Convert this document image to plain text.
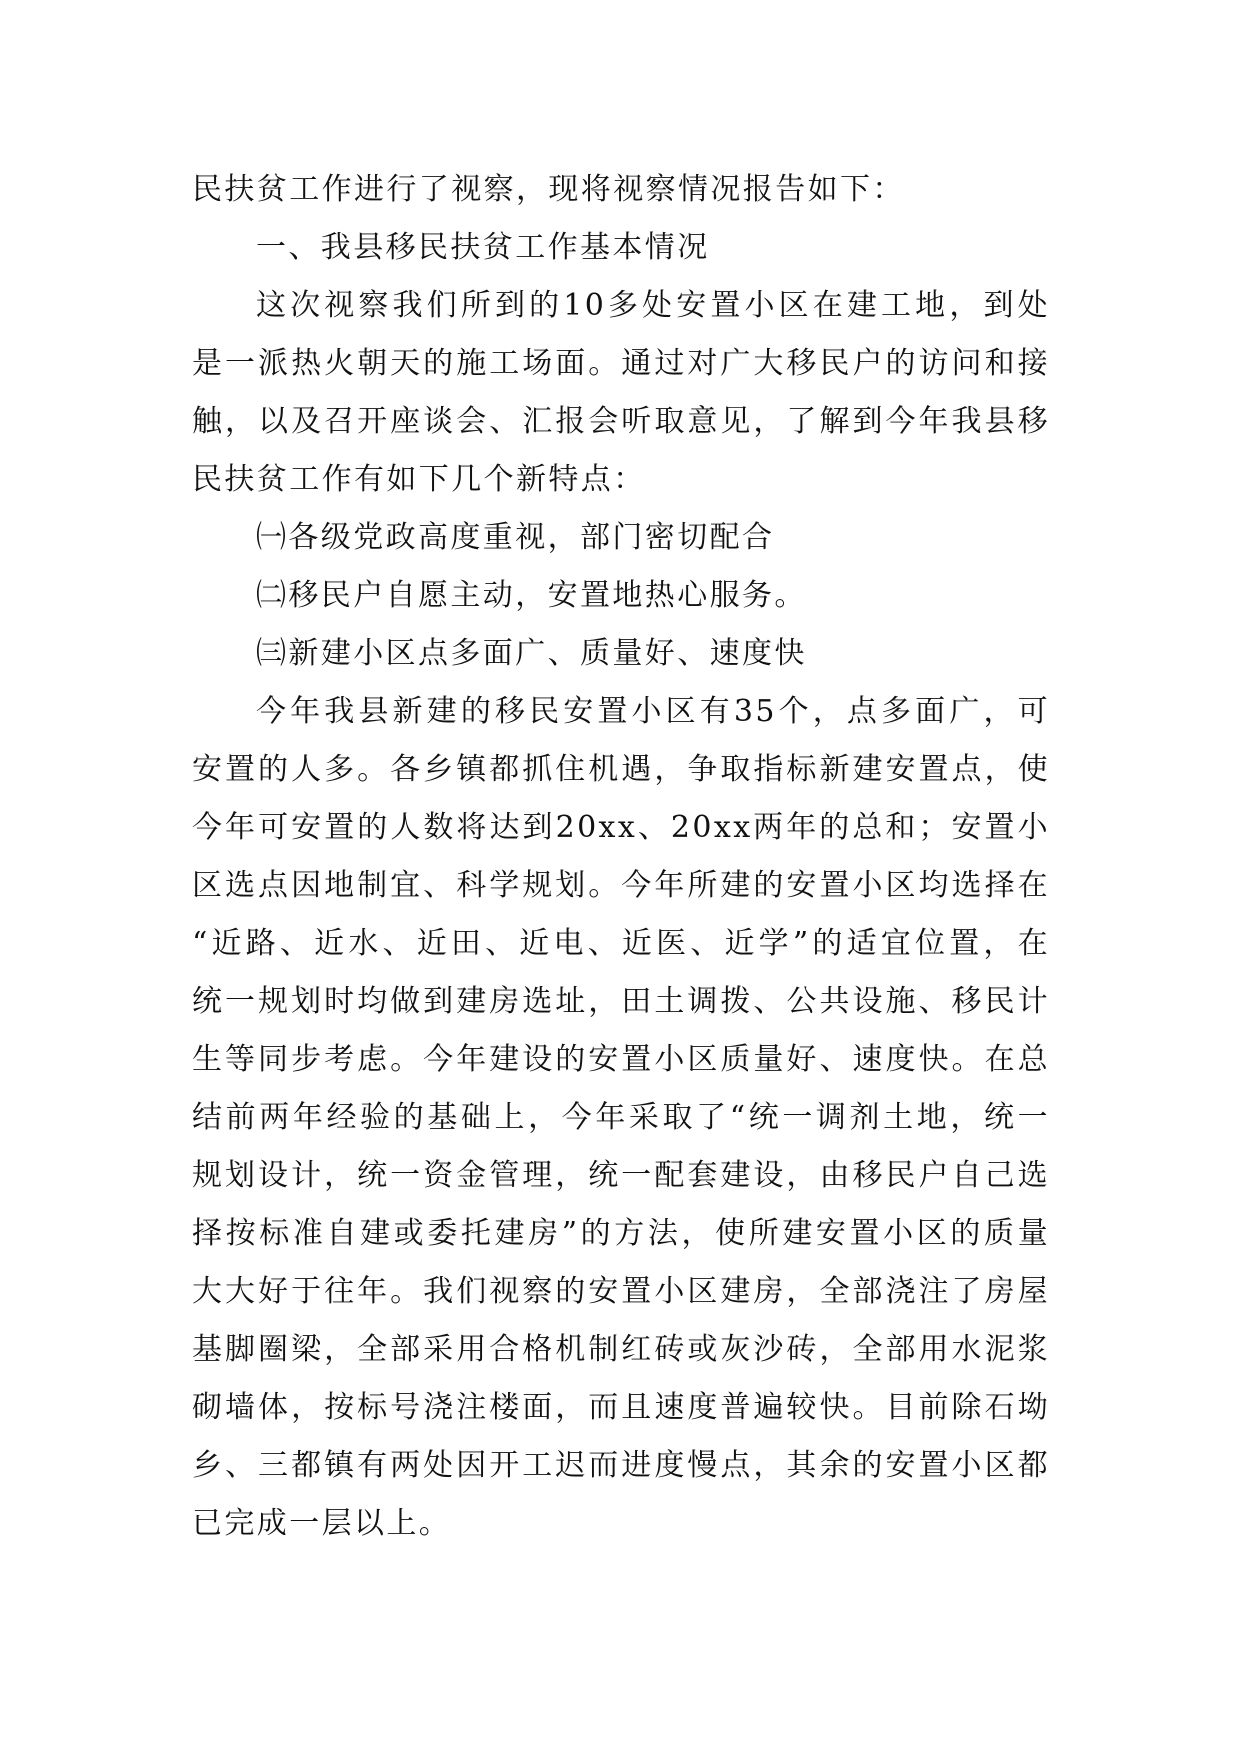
民扶贫工作进行了视察，现将视察情况报告如下：
一、我县移民扶贫工作基本情况
这次视察我们所到的10多处安置小区在建工地，到处
是一派热火朝天的施工场面。通过对广大移民户的访问和接
触，以及召开座谈会、汇报会听取意见，了解到今年我县移
民扶贫工作有如下几个新特点：
㈠各级党政高度重视，部门密切配合
㈡移民户自愿主动，安置地热心服务。
㈢新建小区点多面广、质量好、速度快
今年我县新建的移民安置小区有35个，点多面广，可
安置的人多。各乡镇都抓住机遇，争取指标新建安置点，使
今年可安置的人数将达到20xx、20xx两年的总和；安置小
区选点因地制宜、科学规划。今年所建的安置小区均选择在
“近路、近水、近田、近电、近医、近学”的适宜位置，在
统一规划时均做到建房选址，田土调拨、公共设施、移民计
生等同步考虑。今年建设的安置小区质量好、速度快。在总
结前两年经验的基础上，今年采取了“统一调剂土地，统一
规划设计，统一资金管理，统一配套建设，由移民户自己选
择按标准自建或委托建房”的方法，使所建安置小区的质量
大大好于往年。我们视察的安置小区建房，全部浇注了房屋
基脚圈梁，全部采用合格机制红砖或灰沙砖，全部用水泥浆
砌墙体，按标号浇注楼面，而且速度普遍较快。目前除石坳
乡、三都镇有两处因开工迟而进度慢点，其余的安置小区都
已完成一层以上。
